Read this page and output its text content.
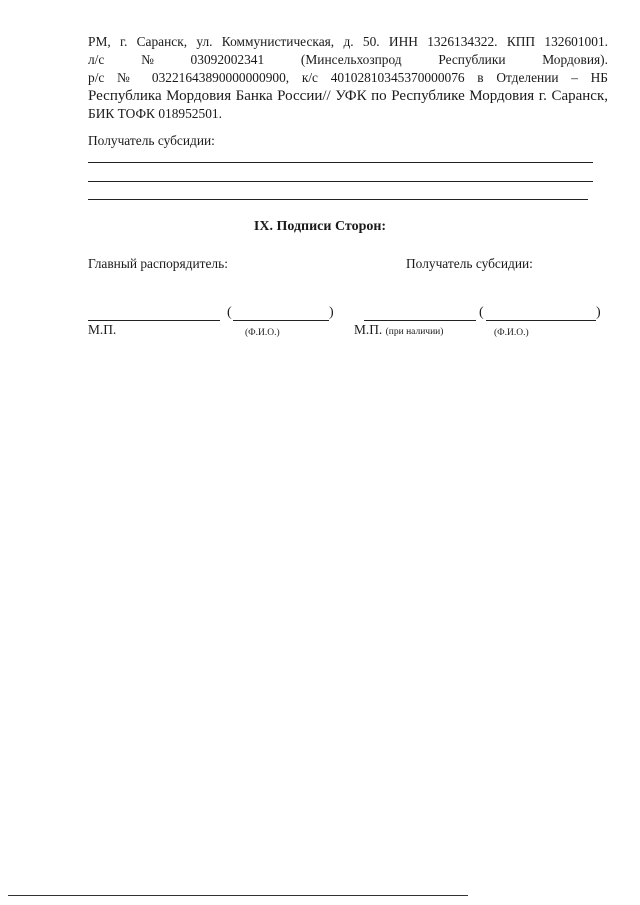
РМ, г. Саранск, ул. Коммунистическая, д. 50. ИНН 1326134322. КПП 132601001.
л/с	№	03092002341	(Минсельхозпрод	Республики	Мордовия).
р/с № 03221643890000000900, к/с 40102810345370000076 в Отделении – НБ
Республика Мордовия Банка России// УФК по Республике Мордовия г. Саранск,
БИК ТОФК 018952501.
Получатель субсидии:
IX. Подписи Сторон:
Главный распорядитель:	Получатель субсидии:
(	)
М.П.	(Ф.И.О.)
(	)
М.П. (при наличии)	(Ф.И.О.)
